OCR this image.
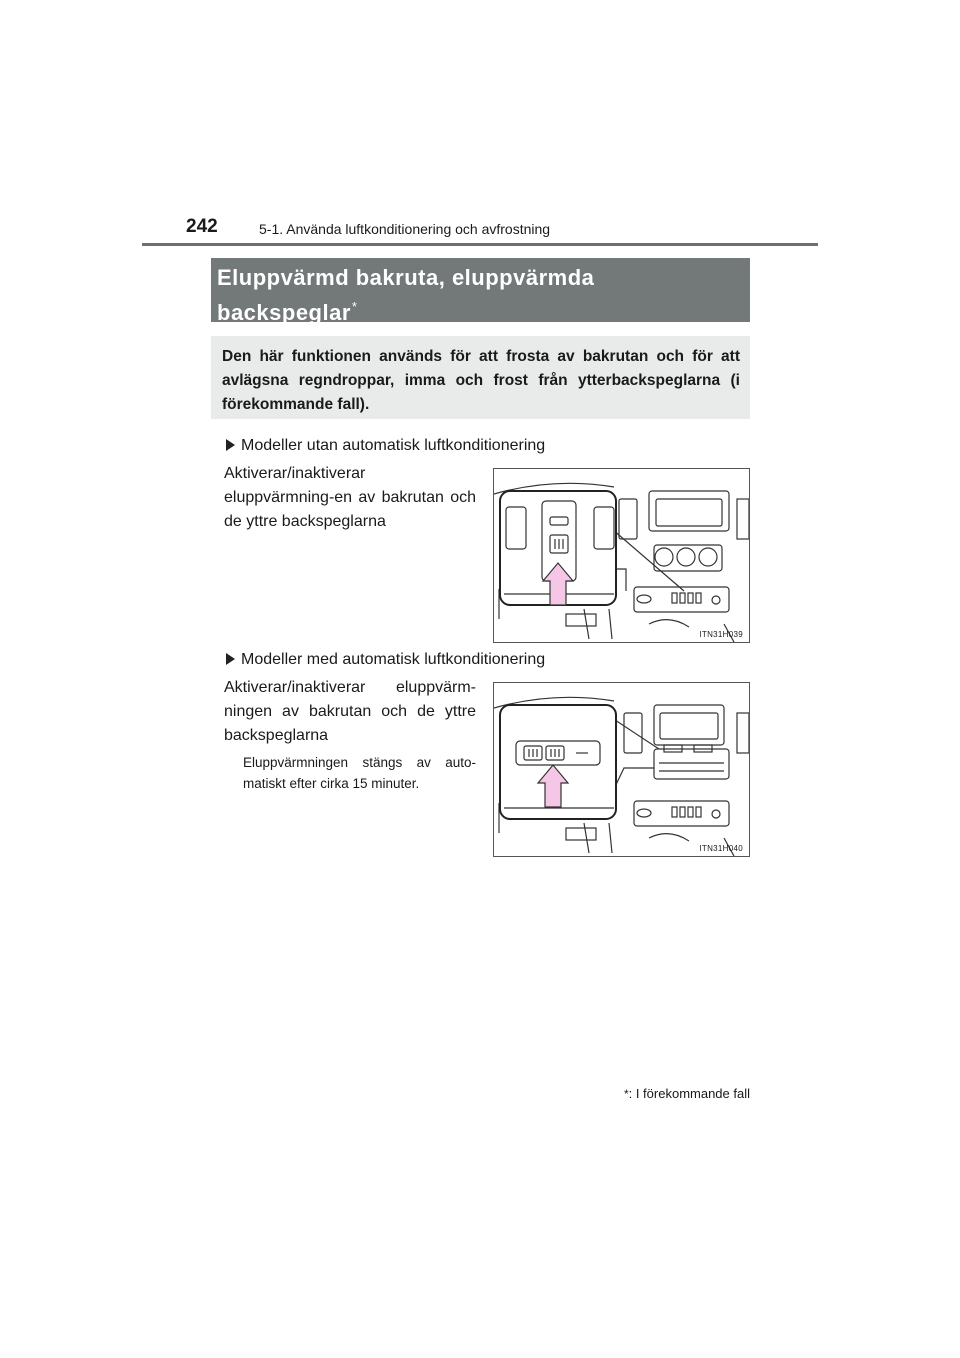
242	5-1. Använda luftkonditionering och avfrostning
Eluppvärmd bakruta, eluppvärmda backspeglar*
Den här funktionen används för att frosta av bakrutan och för att avlägsna regndroppar, imma och frost från ytterbackspeglarna (i förekommande fall).
Modeller utan automatisk luftkonditionering
Aktiverar/inaktiverar eluppvärmning-en av bakrutan och de yttre backspeglarna
ITN31H039
Modeller med automatisk luftkonditionering
Aktiverar/inaktiverar eluppvärm-ningen av bakrutan och de yttre backspeglarna
Eluppvärmningen stängs av auto-matiskt efter cirka 15 minuter.
ITN31H040
*: I förekommande fall
